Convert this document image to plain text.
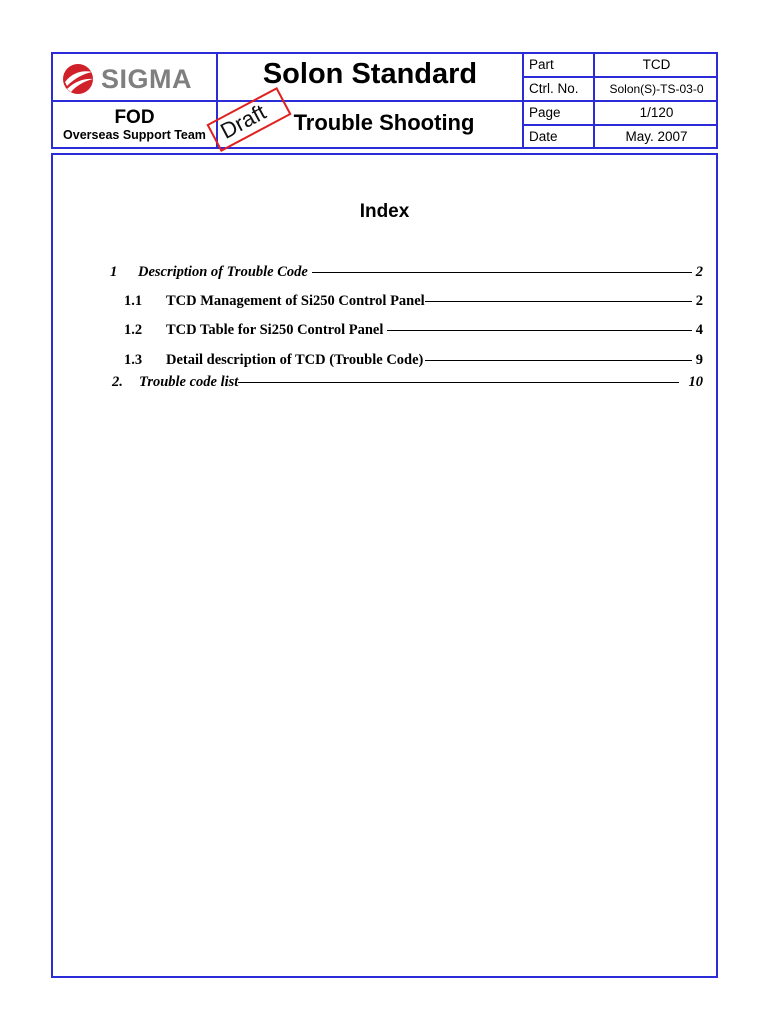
SIGMA
FOD
Overseas Support Team
Solon Standard
Trouble Shooting
Part	TCD
Ctrl. No.	Solon(S)-TS-03-0
Page	1/120
Date	May. 2007
Draft
Index
1	Description of Trouble Code	2
1.1	TCD Management of Si250 Control Panel	2
1.2	TCD Table for Si250 Control Panel	4
1.3	Detail description of TCD (Trouble Code)	9
2.	Trouble code list	10
